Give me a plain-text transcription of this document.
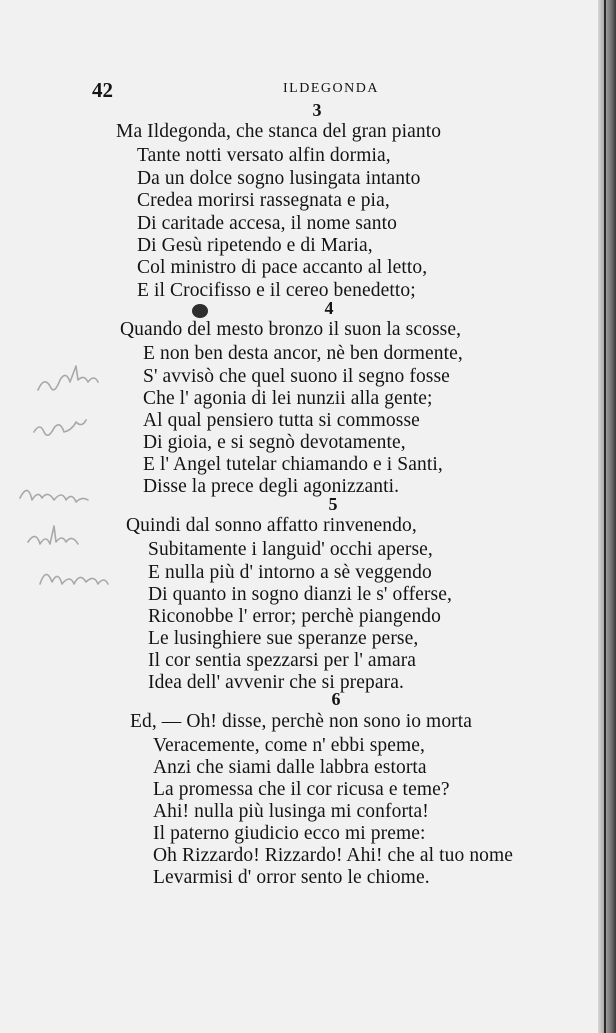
42	ILDEGONDA
3
Ma Ildegonda, che stanca del gran pianto
Tante notti versato alfin dormia,
Da un dolce sogno lusingata intanto
Credea morirsi rassegnata e pia,
Di caritade accesa, il nome santo
Di Gesù ripetendo e di Maria,
Col ministro di pace accanto al letto,
E il Crocifisso e il cereo benedetto;
4
Quando del mesto bronzo il suon la scosse,
E non ben desta ancor, nè ben dormente,
S' avvisò che quel suono il segno fosse
Che l' agonia di lei nunzii alla gente;
Al qual pensiero tutta si commosse
Di gioia, e si segnò devotamente,
E l' Angel tutelar chiamando e i Santi,
Disse la prece degli agonizzanti.
5
Quindi dal sonno affatto rinvenendo,
Subitamente i languid' occhi aperse,
E nulla più d' intorno a sè veggendo
Di quanto in sogno dianzi le s' offerse,
Riconobbe l' error; perchè piangendo
Le lusinghiere sue speranze perse,
Il cor sentia spezzarsi per l' amara
Idea dell' avvenir che si prepara.
6
Ed, — Oh! disse, perchè non sono io morta
Veracemente, come n' ebbi speme,
Anzi che siami dalle labbra estorta
La promessa che il cor ricusa e teme?
Ahi! nulla più lusinga mi conforta!
Il paterno giudicio ecco mi preme:
Oh Rizzardo! Rizzardo! Ahi! che al tuo nome
Levarmisi d' orror sento le chiome.
